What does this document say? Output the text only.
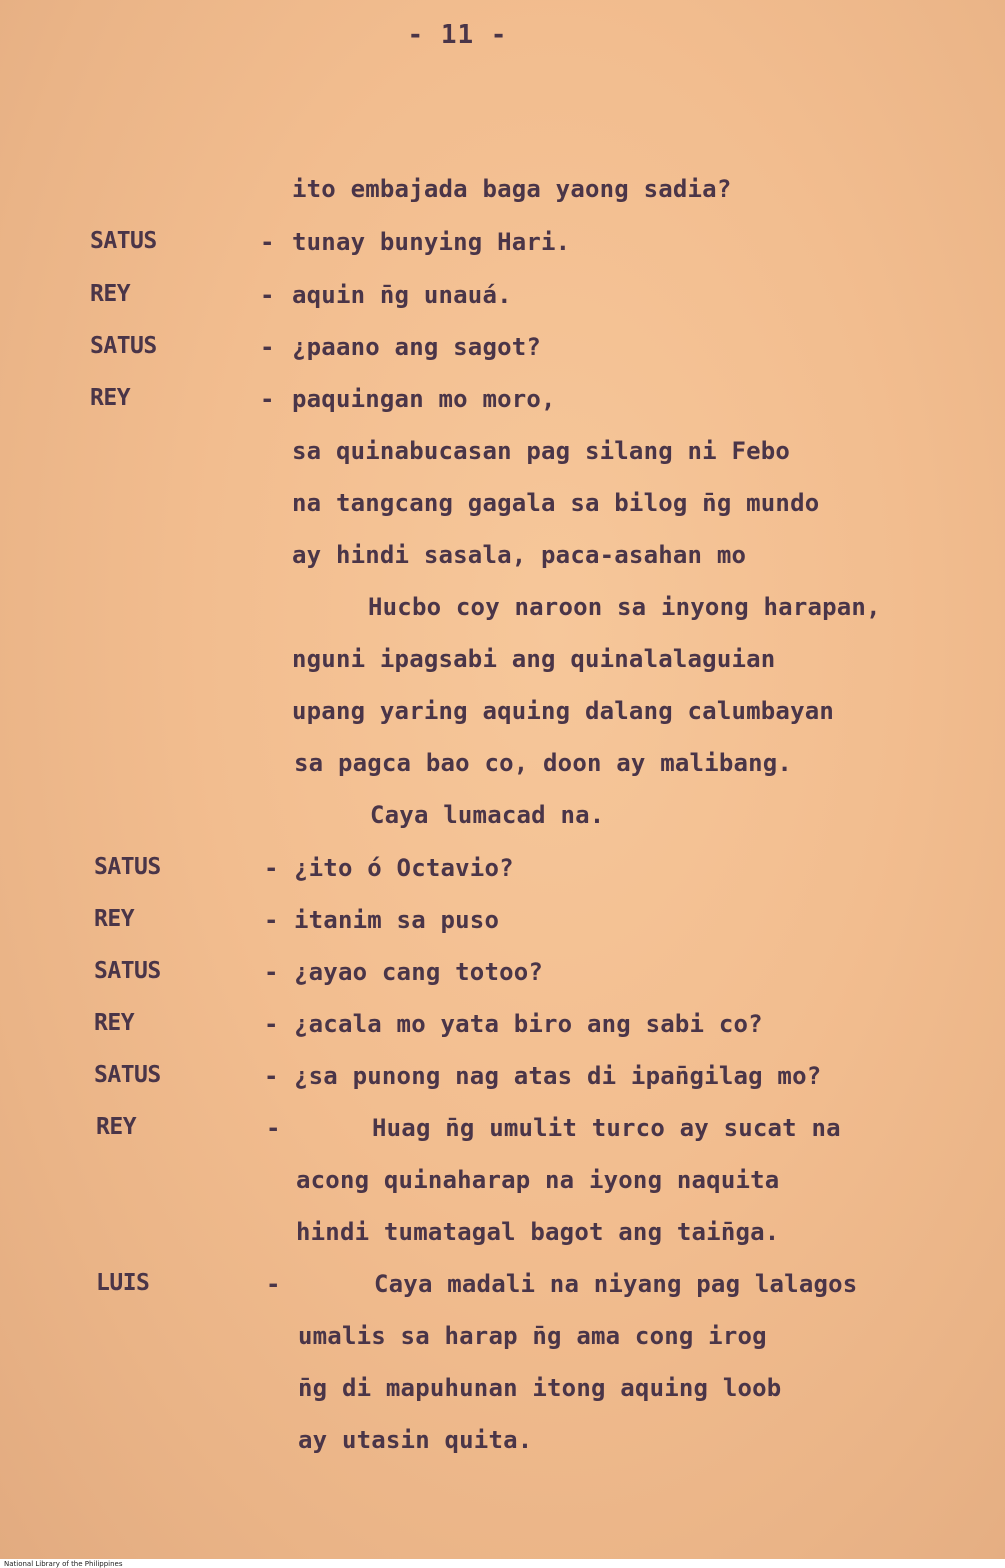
- 11 -
ito embajada baga yaong sadia?
SATUS	- tunay bunying Hari.
REY	- aquin n̄g unauá.
SATUS	- ¿paano ang sagot?
REY	- paquingan mo moro,
sa quinabucasan pag silang ni Febo
na tangcang gagala sa bilog n̄g mundo
ay hindi sasala, paca-asahan mo
Hucbo coy naroon sa inyong harapan,
nguni ipagsabi ang quinalalaguian
upang yaring aquing dalang calumbayan
sa pagca bao co, doon ay malibang.
Caya lumacad na.
SATUS	- ¿ito ó Octavio?
REY	- itanim sa puso
SATUS	- ¿ayao cang totoo?
REY	- ¿acala mo yata biro ang sabi co?
SATUS	- ¿sa punong nag atas di ipan̄gilag mo?
REY	-	Huag n̄g umulit turco ay sucat na
acong quinaharap na iyong naquita
hindi tumatagal bagot ang tain̄ga.
LUIS	-	Caya madali na niyang pag lalagos
umalis sa harap n̄g ama cong irog
n̄g di mapuhunan itong aquing loob
ay utasin quita.
National Library of the Philippines
